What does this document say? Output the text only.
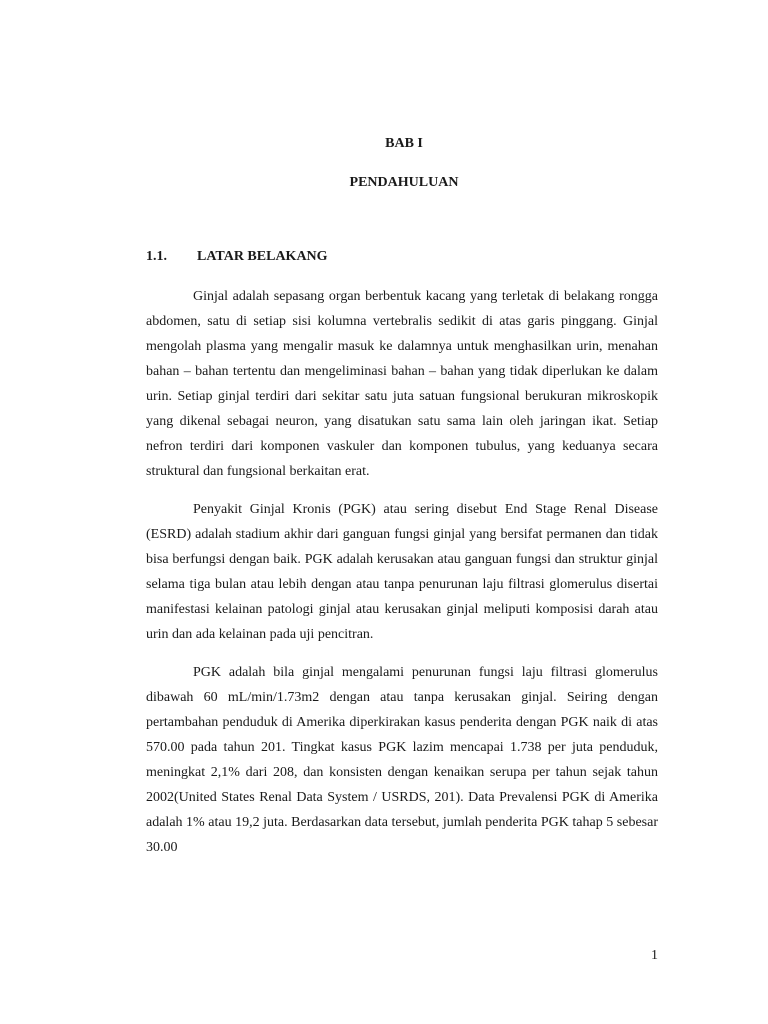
BAB I
PENDAHULUAN
1.1. LATAR BELAKANG

Ginjal adalah sepasang organ berbentuk kacang yang terletak di belakang rongga abdomen, satu di setiap sisi kolumna vertebralis sedikit di atas garis pinggang. Ginjal mengolah plasma yang mengalir masuk ke dalamnya untuk menghasilkan urin, menahan bahan – bahan tertentu dan mengeliminasi bahan – bahan yang tidak diperlukan ke dalam urin. Setiap ginjal terdiri dari sekitar satu juta satuan fungsional berukuran mikroskopik yang dikenal sebagai neuron, yang disatukan satu sama lain oleh jaringan ikat. Setiap nefron terdiri dari komponen vaskuler dan komponen tubulus, yang keduanya secara struktural dan fungsional berkaitan erat.

Penyakit Ginjal Kronis (PGK) atau sering disebut End Stage Renal Disease (ESRD) adalah stadium akhir dari ganguan fungsi ginjal yang bersifat permanen dan tidak bisa berfungsi dengan baik. PGK adalah kerusakan atau ganguan fungsi dan struktur ginjal selama tiga bulan atau lebih dengan atau tanpa penurunan laju filtrasi glomerulus disertai manifestasi kelainan patologi ginjal atau kerusakan ginjal meliputi komposisi darah atau urin dan ada kelainan pada uji pencitran.

PGK adalah bila ginjal mengalami penurunan fungsi laju filtrasi glomerulus dibawah 60 mL/min/1.73m2 dengan atau tanpa kerusakan ginjal. Seiring dengan pertambahan penduduk di Amerika diperkirakan kasus penderita dengan PGK naik di atas 570.00 pada tahun 201. Tingkat kasus PGK lazim mencapai 1.738 per juta penduduk, meningkat 2,1% dari 208, dan konsisten dengan kenaikan serupa per tahun sejak tahun 2002(United States Renal Data System / USRDS, 201). Data Prevalensi PGK di Amerika adalah 1% atau 19,2 juta. Berdasarkan data tersebut, jumlah penderita PGK tahap 5 sebesar 30.00

1
